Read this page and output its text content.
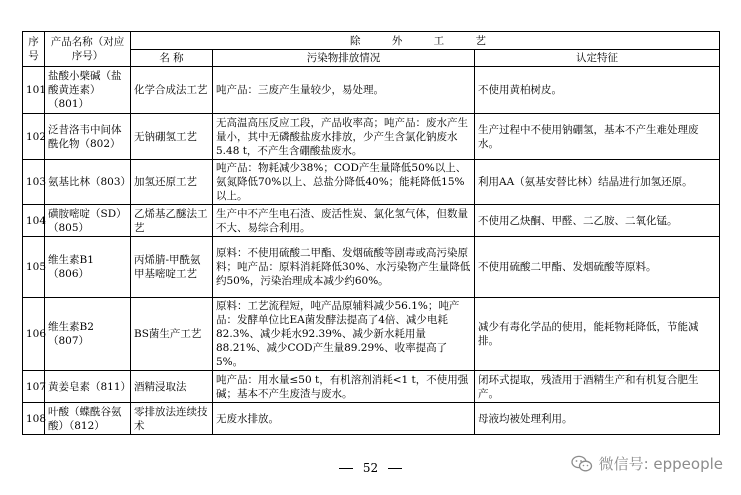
序号	产品名称（对应序号）	除 外 工 艺		
		名 称	污染物排放情况	认定特征
101	盐酸小檗碱（盐酸黄连素）（801）	化学合成法工艺	吨产品：三废产生量较少，易处理。	不使用黄柏树皮。
102	泛昔洛韦中间体酰化物（802）	无钠硼氢工艺	无高温高压反应工段，产品收率高；吨产品：废水产生量小，其中无磷酸盐废水排放，少产生含氯化钠废水5.48 t，不产生含硼酸盐废水。	生产过程中不使用钠硼氢，基本不产生难处理废水。
103	氨基比林（803）	加氢还原工艺	吨产品：物耗减少38%；COD产生量降低50%以上、氨氮降低70%以上、总盐分降低40%；能耗降低15%以上。	利用AA（氨基安替比林）结晶进行加氢还原。
104	磺胺嘧啶（SD）（805）	乙烯基乙醚法工艺	生产中不产生电石渣、废活性炭、氯化氢气体，但数量不大、易综合利用。	不使用乙炔酮、甲醛、二乙胺、二氧化锰。
105	维生素B1（806）	丙烯腈-甲酰氨甲基嘧啶工艺	原料：不使用硫酸二甲酯、发烟硫酸等剧毒或高污染原料；吨产品：原料消耗降低30%、水污染物产生量降低约50%，污染治理成本减少约60%。	不使用硫酸二甲酯、发烟硫酸等原料。
106	维生素B2（807）	BS菌生产工艺	原料：工艺流程短，吨产品原辅料减少56.1%；吨产品：发酵单位比EA菌发酵法提高了4倍、减少电耗82.3%、减少耗水92.39%、减少新水耗用量88.21%、减少COD产生量89.29%、收率提高了5%。	减少有毒化学品的使用，能耗物耗降低，节能减排。
107	黄姜皂素（811）	酒精浸取法	吨产品：用水量≤50 t，有机溶剂消耗<1 t，不使用强碱；基本不产生废渣与废水。	闭环式提取，残渣用于酒精生产和有机复合肥生产。
108	叶酸（蝶酰谷氨酸）（812）	零排放法连续技术	无废水排放。	母液均被处理利用。
52	微信号: eppeople
